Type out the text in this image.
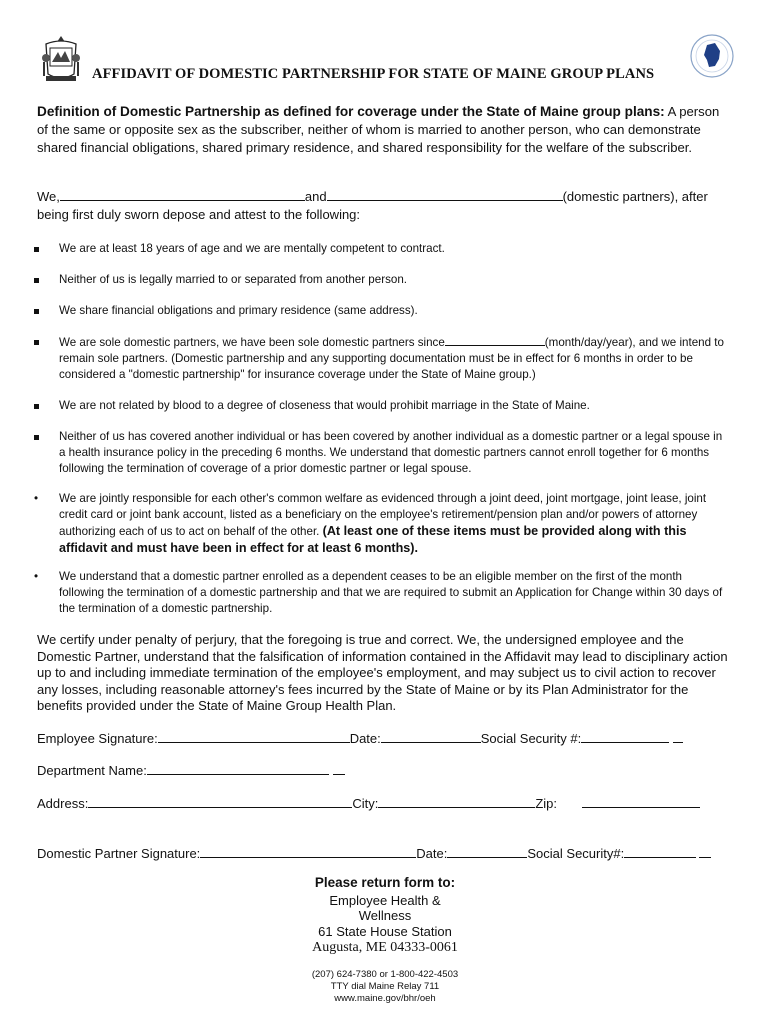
AFFIDAVIT OF DOMESTIC PARTNERSHIP FOR STATE OF MAINE GROUP PLANS
Definition of Domestic Partnership as defined for coverage under the State of Maine group plans: A person of the same or opposite sex as the subscriber, neither of whom is married to another person, who can demonstrate shared financial obligations, shared primary residence, and shared responsibility for the welfare of the subscriber.
We,	and	(domestic partners), after
being first duly sworn depose and attest to the following:
We are at least 18 years of age and we are mentally competent to contract.
Neither of us is legally married to or separated from another person.
We share financial obligations and primary residence (same address).
We are sole domestic partners, we have been sole domestic partners since	(month/day/year), and we intend to remain sole partners. (Domestic partnership and any supporting documentation must be in effect for 6 months in order to be considered a "domestic partnership" for insurance coverage under the State of Maine group.)
We are not related by blood to a degree of closeness that would prohibit marriage in the State of Maine.
Neither of us has covered another individual or has been covered by another individual as a domestic partner or a legal spouse in a health insurance policy in the preceding 6 months. We understand that domestic partners cannot enroll together for 6 months following the termination of coverage of a prior domestic partner or legal spouse.
•	We are jointly responsible for each other's common welfare as evidenced through a joint deed, joint mortgage, joint lease, joint credit card or joint bank account, listed as a beneficiary on the employee's retirement/pension plan and/or powers of attorney authorizing each of us to act on behalf of the other. (At least one of these items must be provided along with this affidavit and must have been in effect for at least 6 months).
•	We understand that a domestic partner enrolled as a dependent ceases to be an eligible member on the first of the month following the termination of a domestic partnership and that we are required to submit an Application for Change within 30 days of the termination of a domestic partnership.
We certify under penalty of perjury, that the foregoing is true and correct. We, the undersigned employee and the Domestic Partner, understand that the falsification of information contained in the Affidavit may lead to disciplinary action up to and including immediate termination of the employee's employment, and may subject us to civil action to recover any losses, including reasonable attorney's fees incurred by the State of Maine or by its Plan Administrator for the benefits provided under the State of Maine Group Health Plan.
Employee Signature:	Date:	Social Security #:
Department Name:
Address:	City:	Zip:
Domestic Partner Signature:	Date:	Social Security#:
Please return form to:
Employee Health &
Wellness
61 State House Station
Augusta, ME 04333-0061
(207) 624-7380 or 1-800-422-4503
TTY dial Maine Relay 711
www.maine.gov/bhr/oeh
